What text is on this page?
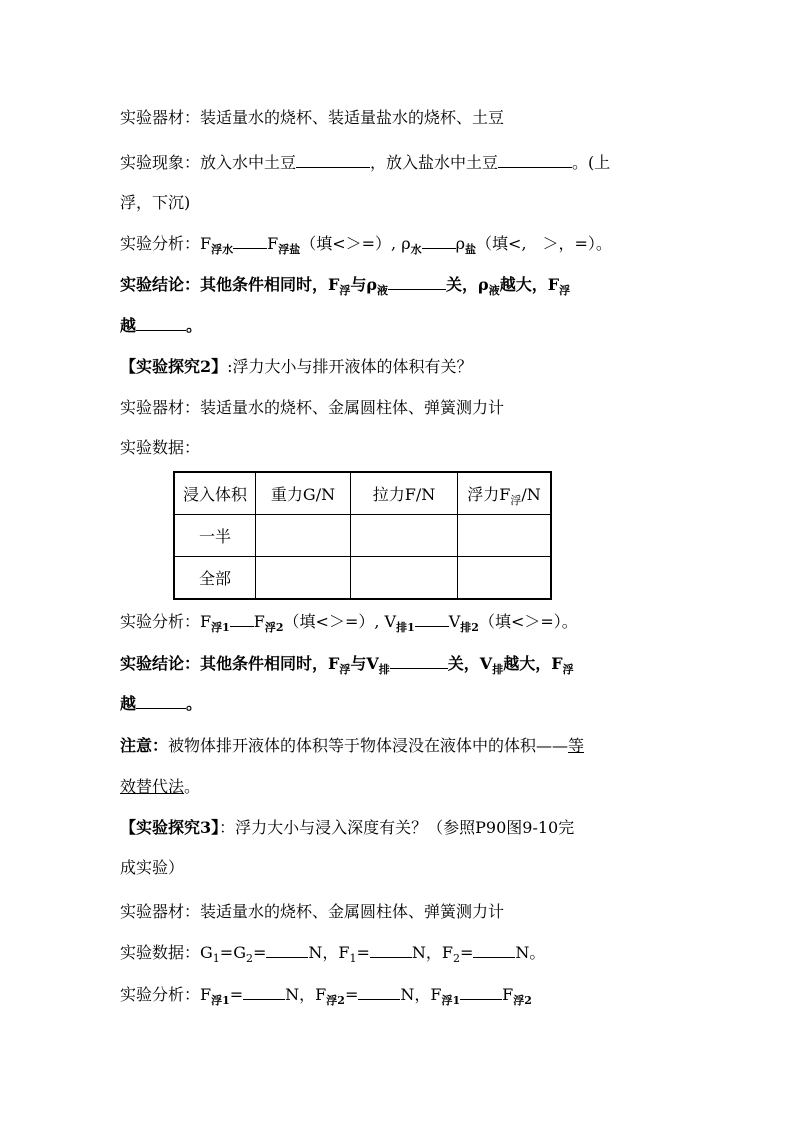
实验器材：装适量水的烧杯、装适量盐水的烧杯、土豆
实验现象：放入水中土豆	，放入盐水中土豆	。(上
浮，下沉)
实验分析：$F_{浮水}$ $F_{浮盐}$（填<＞=）, $\rho_水$ $\rho_盐$（填<,　＞，=）。
实验结论：其他条件相同时，$F_浮$与$\rho_液$	关，$\rho_液$越大，$F_浮$
越	。
【实验探究2】:浮力大小与排开液体的体积有关？
实验器材：装适量水的烧杯、金属圆柱体、弹簧测力计
实验数据：
浸入体积	重力G/N	拉力F/N	浮力$F_浮/N$
一半			
全部			
实验分析：$F_{浮1}$ $F_{浮2}$（填<＞=）, $V_{排1}$ $V_{排2}$（填<＞=）。
实验结论：其他条件相同时，$F_浮$与$V_排$	关，$V_排$越大，$F_浮$
越	。
注意：被物体排开液体的体积等于物体浸没在液体中的体积——等
效替代法。
【实验探究3】：浮力大小与浸入深度有关？（参照P90图9-10完
成实验）
实验器材：装适量水的烧杯、金属圆柱体、弹簧测力计
实验数据：$G_1=G_2=$	N，$F_1=$	N，$F_2=$	N。
实验分析：$F_{浮1}=$	N，$F_{浮2}=$	N，$F_{浮1}$	$F_{浮2}$
